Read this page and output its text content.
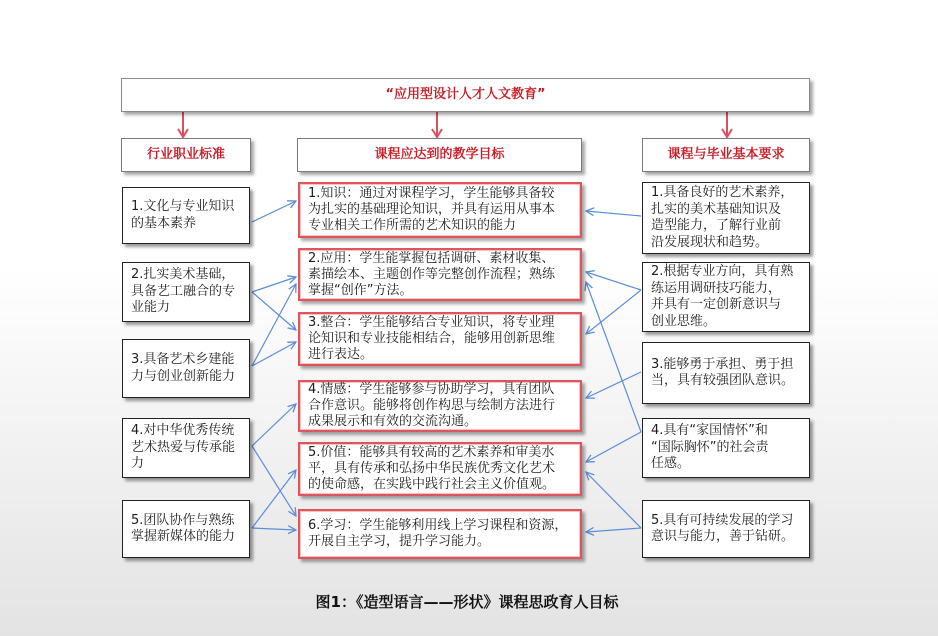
“应用型设计人才人文教育”
行业职业标准	课程应达到的教学目标	课程与毕业基本要求
1.文化与专业知识
的基本素养
2.扎实美术基础，
具备艺工融合的专
业能力
3.具备艺术乡建能
力与创业创新能力
4.对中华优秀传统
艺术热爱与传承能
力
5.团队协作与熟练
掌握新媒体的能力
1.知识：通过对课程学习，学生能够具备较
为扎实的基础理论知识，并具有运用从事本
专业相关工作所需的艺术知识的能力
2.应用：学生能掌握包括调研、素材收集、
素描绘本、主题创作等完整创作流程；熟练
掌握“创作”方法。
3.整合：学生能够结合专业知识，将专业理
论知识和专业技能相结合，能够用创新思维
进行表达。
4.情感：学生能够参与协助学习，具有团队
合作意识。能够将创作构思与绘制方法进行
成果展示和有效的交流沟通。
5.价值：能够具有较高的艺术素养和审美水
平，具有传承和弘扬中华民族优秀文化艺术
的使命感，在实践中践行社会主义价值观。
6.学习：学生能够利用线上学习课程和资源，
开展自主学习，提升学习能力。
1.具备良好的艺术素养，
扎实的美术基础知识及
造型能力，了解行业前
沿发展现状和趋势。
2.根据专业方向，具有熟
练运用调研技巧能力，
并具有一定创新意识与
创业思维。
3.能够勇于承担、勇于担
当，具有较强团队意识。
4.具有“家国情怀”和
“国际胸怀”的社会责
任感。
5.具有可持续发展的学习
意识与能力，善于钻研。
图1：《造型语言——形状》课程思政育人目标
